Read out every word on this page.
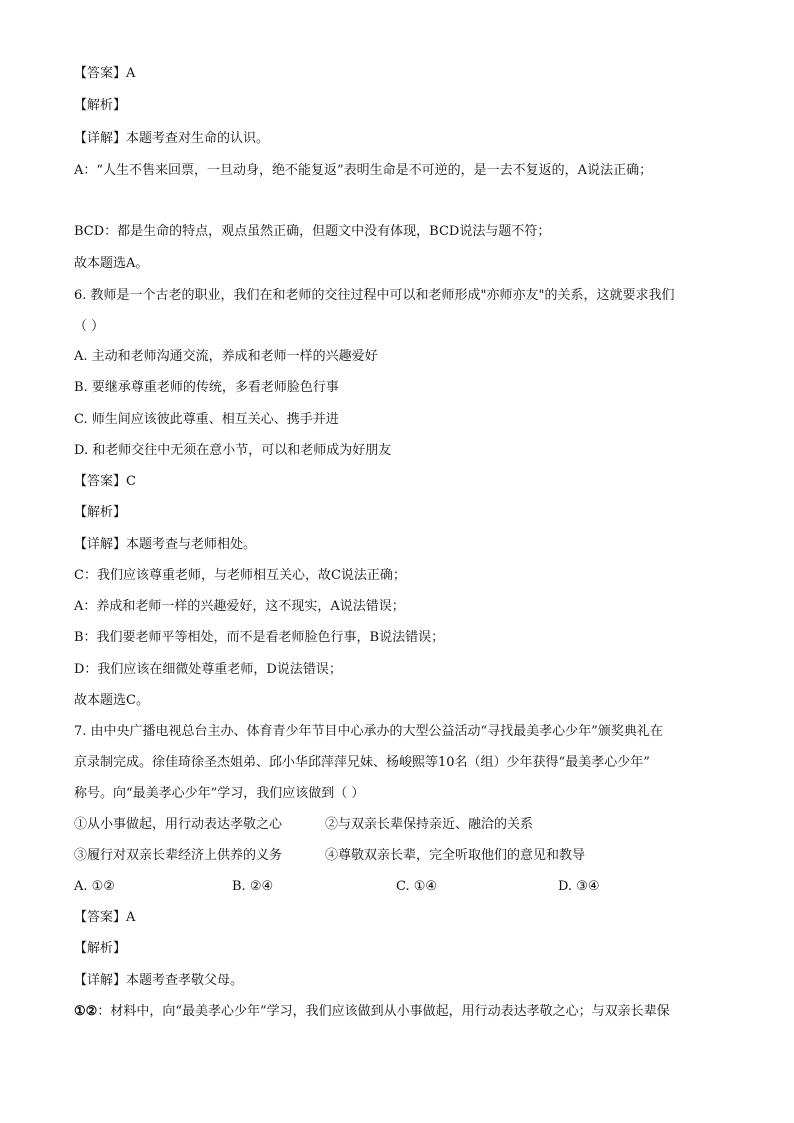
【答案】A
【解析】
【详解】本题考查对生命的认识。
A：“人生不售来回票，一旦动身，绝不能复返”表明生命是不可逆的，是一去不复返的，A说法正确；
BCD：都是生命的特点，观点虽然正确，但题文中没有体现，BCD说法与题不符；
故本题选A。
6. 教师是一个古老的职业，我们在和老师的交往过程中可以和老师形成"亦师亦友"的关系，这就要求我们
（ ）
A. 主动和老师沟通交流，养成和老师一样的兴趣爱好
B. 要继承尊重老师的传统，多看老师脸色行事
C. 师生间应该彼此尊重、相互关心、携手并进
D. 和老师交往中无须在意小节，可以和老师成为好朋友
【答案】C
【解析】
【详解】本题考查与老师相处。
C：我们应该尊重老师，与老师相互关心，故C说法正确；
A：养成和老师一样的兴趣爱好，这不现实，A说法错误；
B：我们要老师平等相处，而不是看老师脸色行事，B说法错误；
D：我们应该在细微处尊重老师，D说法错误；
故本题选C。
7. 由中央广播电视总台主办、体育青少年节目中心承办的大型公益活动“寻找最美孝心少年”颁奖典礼在
京录制完成。徐佳琦徐圣杰姐弟、邱小华邱萍萍兄妹、杨峻熙等10名（组）少年获得“最美孝心少年”
称号。向“最美孝心少年”学习，我们应该做到（ ）
①从小事做起，用行动表达孝敬之心	②与双亲长辈保持亲近、融洽的关系
③履行对双亲长辈经济上供养的义务	④尊敬双亲长辈，完全听取他们的意见和教导
A. ①②	B. ②④	C. ①④	D. ③④
【答案】A
【解析】
【详解】本题考查孝敬父母。
①②：材料中，向“最美孝心少年”学习，我们应该做到从小事做起，用行动表达孝敬之心；与双亲长辈保
